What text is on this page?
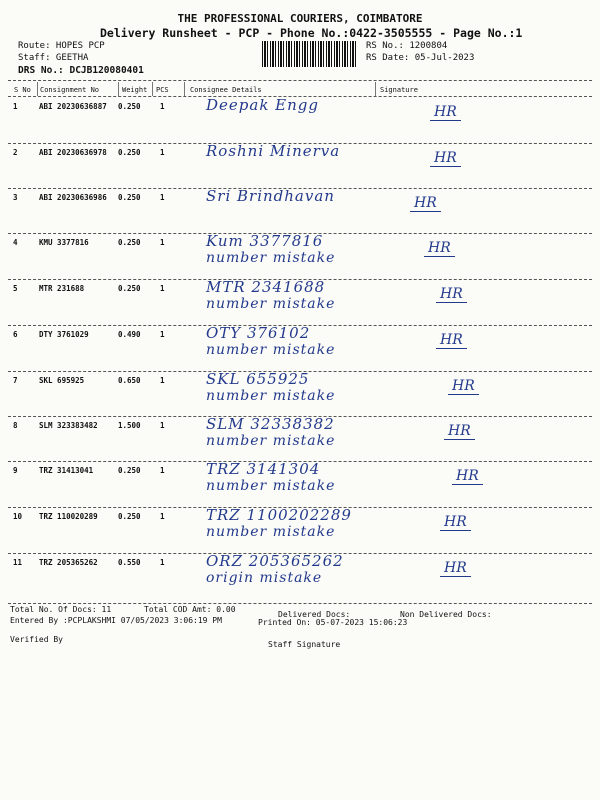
THE PROFESSIONAL COURIERS, COIMBATORE
Delivery Runsheet - PCP - Phone No.:0422-3505555 - Page No.:1
Route: HOPES PCP
Staff: GEETHA
DRS No.: DCJB120080401
RS No.: 1200804
RS Date: 05-Jul-2023
S No Consignment No	Weight PCS	Consignee Details	Signature
1	ABI 20230636887 0.250	1	Deepak Engg	HR
2	ABI 20230636978 0.250	1	Roshni Minerva	HR
3	ABI 20230636986 0.250	1	Sri Brindhavan	HR
4	KMU 3377816	0.250	1	Kum 3377816
number mistake
HR
5	MTR 231688	0.250	1	MTR 2341688
number mistake
HR
6	DTY 3761029	0.490	1	OTY 376102
number mistake
HR
7	SKL 695925	0.650	1	SKL 655925
number mistake
HR
8	SLM 323383482	1.500	1	SLM 32338382
number mistake
HR
9	TRZ 31413041	0.250	1	TRZ 3141304
number mistake
HR
10 TRZ 110020289	0.250	1	TRZ 1100202289
number mistake
HR
11 TRZ 205365262	0.550	1	ORZ 205365262
origin mistake
HR
Total No. Of Docs: 11	Total COD Amt: 0.00
Delivered Docs:	Non Delivered Docs:
Entered By :PCPLAKSHMI 07/05/2023 3:06:19 PM	Printed On: 05-07-2023 15:06:23
Verified By
Staff Signature
